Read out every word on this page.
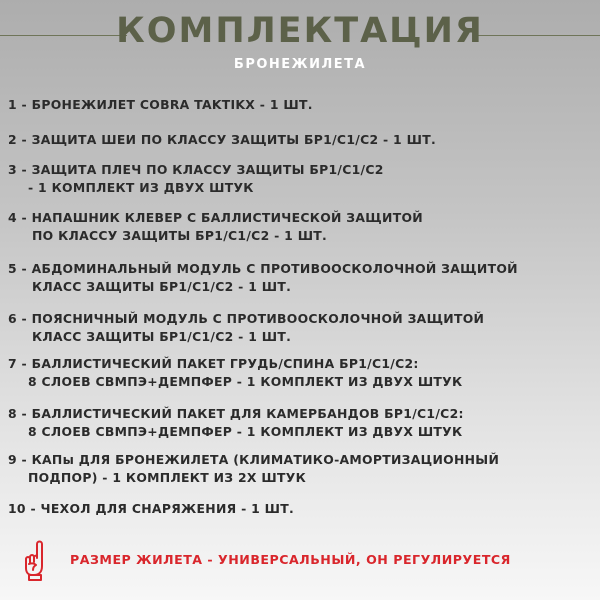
КОМПЛЕКТАЦИЯ
БРОНЕЖИЛЕТА
1 - БРОНЕЖИЛЕТ COBRA TAKTIKX - 1 ШТ.
2 - ЗАЩИТА ШЕИ ПО КЛАССУ ЗАЩИТЫ БР1/С1/С2 - 1 ШТ.
3 - ЗАЩИТА ПЛЕЧ ПО КЛАССУ ЗАЩИТЫ БР1/С1/С2
- 1 КОМПЛЕКТ ИЗ ДВУХ ШТУК
4 - НАПАШНИК КЛЕВЕР С БАЛЛИСТИЧЕСКОЙ ЗАЩИТОЙ
ПО КЛАССУ ЗАЩИТЫ БР1/С1/С2 - 1 ШТ.
5 - АБДОМИНАЛЬНЫЙ МОДУЛЬ С ПРОТИВООСКОЛОЧНОЙ ЗАЩИТОЙ
КЛАСС ЗАЩИТЫ БР1/С1/С2 - 1 ШТ.
6 - ПОЯСНИЧНЫЙ МОДУЛЬ С ПРОТИВООСКОЛОЧНОЙ ЗАЩИТОЙ
КЛАСС ЗАЩИТЫ БР1/С1/С2 - 1 ШТ.
7 - БАЛЛИСТИЧЕСКИЙ ПАКЕТ ГРУДЬ/СПИНА БР1/С1/С2:
8 СЛОЕВ СВМПЭ+ДЕМПФЕР - 1 КОМПЛЕКТ ИЗ ДВУХ ШТУК
8 - БАЛЛИСТИЧЕСКИЙ ПАКЕТ ДЛЯ КАМЕРБАНДОВ БР1/С1/С2:
8 СЛОЕВ СВМПЭ+ДЕМПФЕР - 1 КОМПЛЕКТ ИЗ ДВУХ ШТУК
9 - КАПы ДЛЯ БРОНЕЖИЛЕТА (КЛИМАТИКО-АМОРТИЗАЦИОННЫЙ
ПОДПОР) - 1 КОМПЛЕКТ ИЗ 2Х ШТУК
10 - ЧЕХОЛ ДЛЯ СНАРЯЖЕНИЯ - 1 ШТ.
РАЗМЕР ЖИЛЕТА - УНИВЕРСАЛЬНЫЙ, ОН РЕГУЛИРУЕТСЯ
